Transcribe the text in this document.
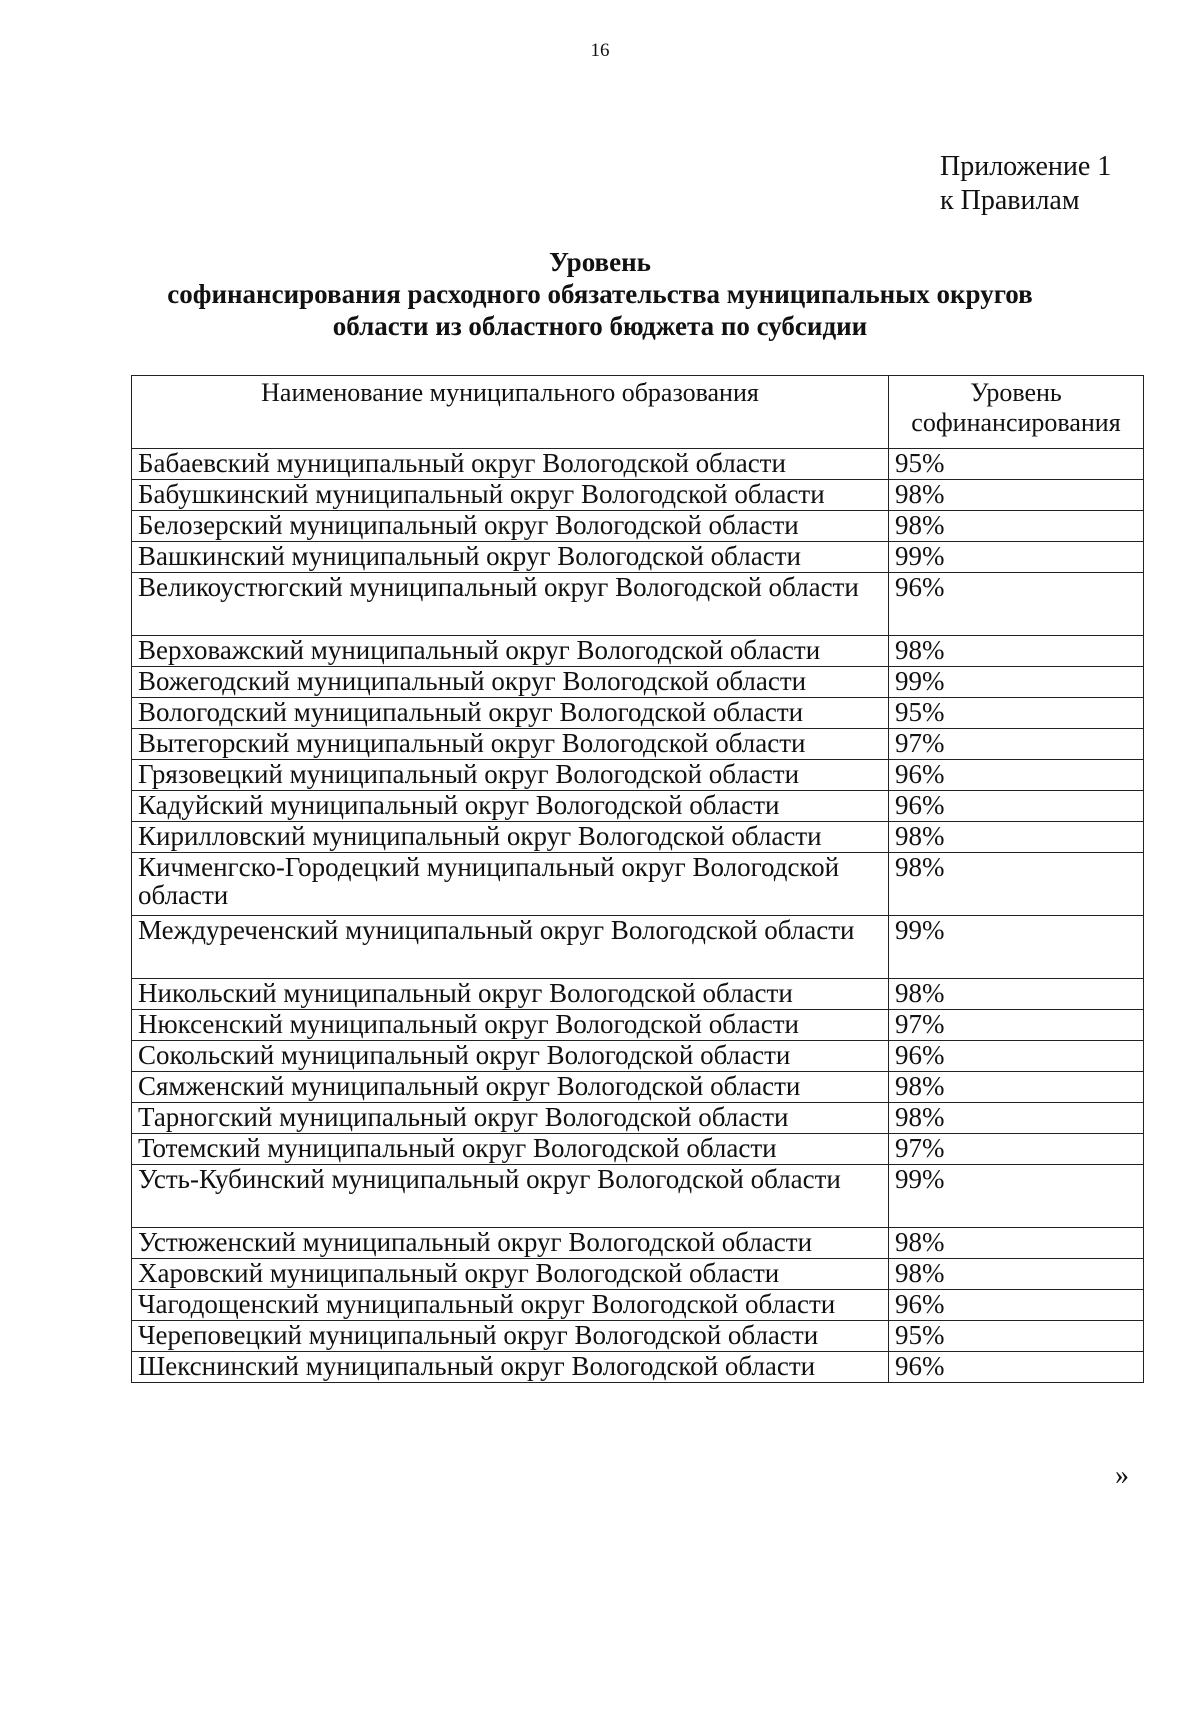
16
Приложение 1
к Правилам
Уровень
софинансирования расходного обязательства муниципальных округов
области из областного бюджета по субсидии
Наименование муниципального образования	Уровень софинансирования
Бабаевский муниципальный округ Вологодской области	95%
Бабушкинский муниципальный округ Вологодской области	98%
Белозерский муниципальный округ Вологодской области	98%
Вашкинский муниципальный округ Вологодской области	99%
Великоустюгский муниципальный округ Вологодской области	96%
Верховажский муниципальный округ Вологодской области	98%
Вожегодский муниципальный округ Вологодской области	99%
Вологодский муниципальный округ Вологодской области	95%
Вытегорский муниципальный округ Вологодской области	97%
Грязовецкий муниципальный округ Вологодской области	96%
Кадуйский муниципальный округ Вологодской области	96%
Кирилловский муниципальный округ Вологодской области	98%
Кичменгско-Городецкий муниципальный округ Вологодской области	98%
Междуреченский муниципальный округ Вологодской области	99%
Никольский муниципальный округ Вологодской области	98%
Нюксенский муниципальный округ Вологодской области	97%
Сокольский муниципальный округ Вологодской области	96%
Сямженский муниципальный округ Вологодской области	98%
Тарногский муниципальный округ Вологодской области	98%
Тотемский муниципальный округ Вологодской области	97%
Усть-Кубинский муниципальный округ Вологодской области	99%
Устюженский муниципальный округ Вологодской области	98%
Харовский муниципальный округ Вологодской области	98%
Чагодощенский муниципальный округ Вологодской области	96%
Череповецкий муниципальный округ Вологодской области	95%
Шекснинский муниципальный округ Вологодской области	96%
»
